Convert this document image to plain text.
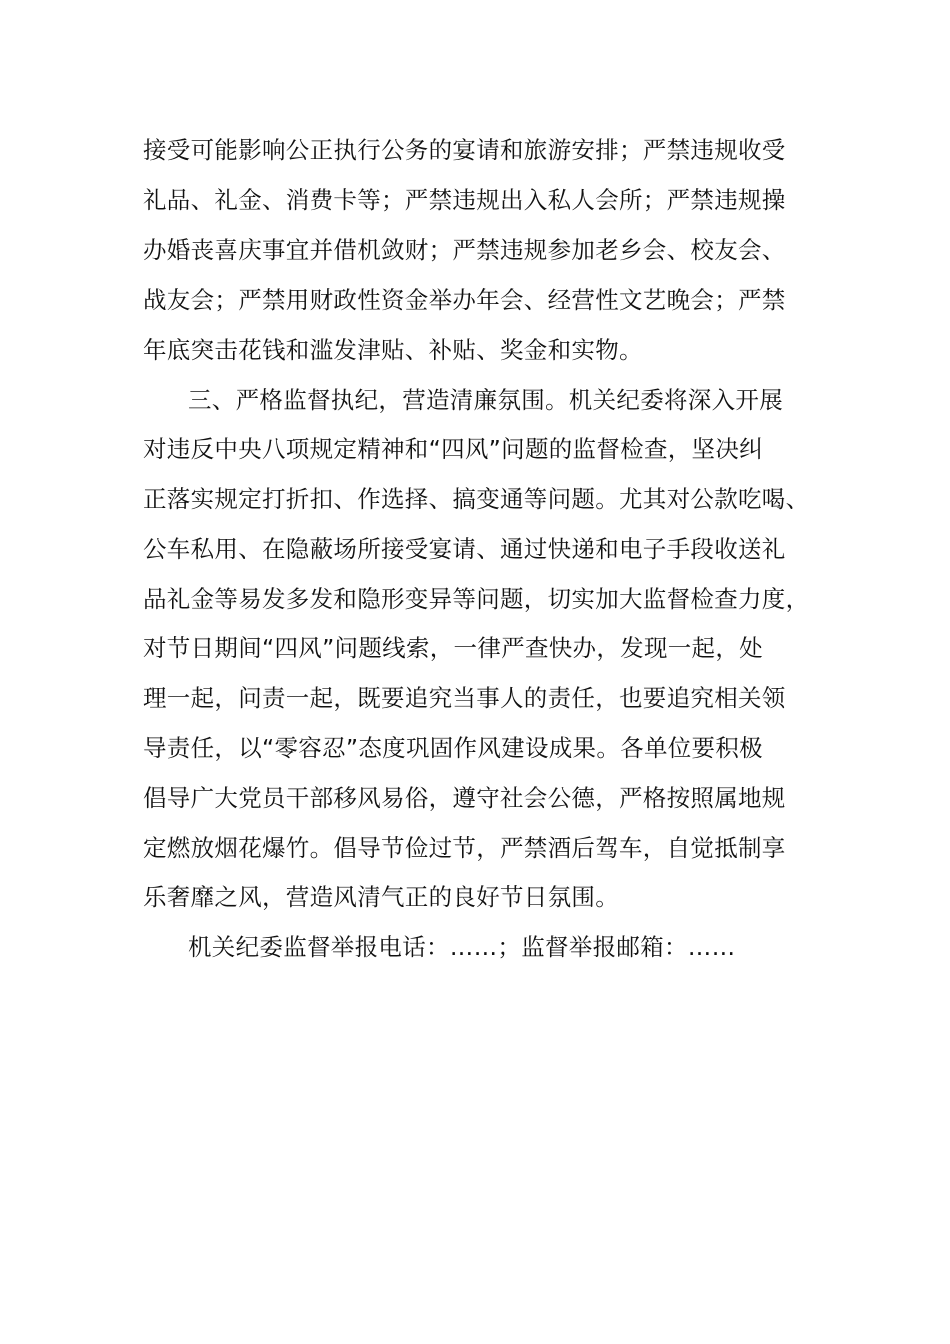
接受可能影响公正执行公务的宴请和旅游安排；严禁违规收受
礼品、礼金、消费卡等；严禁违规出入私人会所；严禁违规操
办婚丧喜庆事宜并借机敛财；严禁违规参加老乡会、校友会、
战友会；严禁用财政性资金举办年会、经营性文艺晚会；严禁
年底突击花钱和滥发津贴、补贴、奖金和实物。
三、严格监督执纪，营造清廉氛围。机关纪委将深入开展
对违反中央八项规定精神和“四风”问题的监督检查，坚决纠
正落实规定打折扣、作选择、搞变通等问题。尤其对公款吃喝、
公车私用、在隐蔽场所接受宴请、通过快递和电子手段收送礼
品礼金等易发多发和隐形变异等问题，切实加大监督检查力度，
对节日期间“四风”问题线索，一律严查快办，发现一起，处
理一起，问责一起，既要追究当事人的责任，也要追究相关领
导责任，以“零容忍”态度巩固作风建设成果。各单位要积极
倡导广大党员干部移风易俗，遵守社会公德，严格按照属地规
定燃放烟花爆竹。倡导节俭过节，严禁酒后驾车，自觉抵制享
乐奢靡之风，营造风清气正的良好节日氛围。
机关纪委监督举报电话：……；监督举报邮箱：……
